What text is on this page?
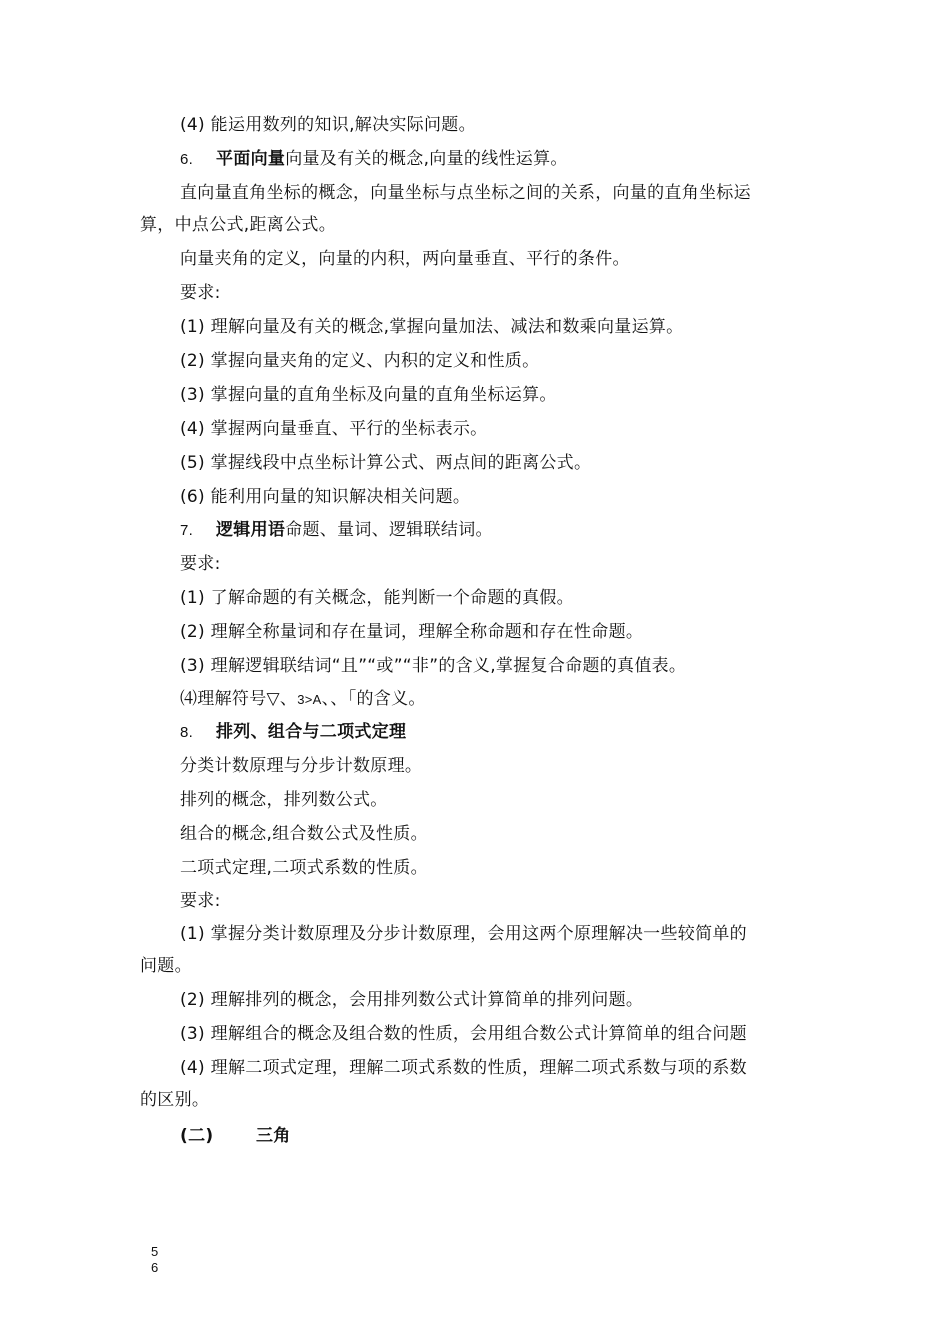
(4) 能运用数列的知识,解决实际问题。
6. 平面向量向量及有关的概念,向量的线性运算。
直向量直角坐标的概念，向量坐标与点坐标之间的关系，向量的直角坐标运
算，中点公式,距离公式。
向量夹角的定义，向量的内积，两向量垂直、平行的条件。
要求:
(1) 理解向量及有关的概念,掌握向量加法、减法和数乘向量运算。
(2) 掌握向量夹角的定义、内积的定义和性质。
(3) 掌握向量的直角坐标及向量的直角坐标运算。
(4) 掌握两向量垂直、平行的坐标表示。
(5) 掌握线段中点坐标计算公式、两点间的距离公式。
(6) 能利用向量的知识解决相关问题。
7. 逻辑用语命题、量词、逻辑联结词。
要求:
(1) 了解命题的有关概念，能判断一个命题的真假。
(2) 理解全称量词和存在量词，理解全称命题和存在性命题。
(3) 理解逻辑联结词“且”“或”“非”的含义,掌握复合命题的真值表。
⑷理解符号▽、3>A、、「的含义。
8. 排列、组合与二项式定理
分类计数原理与分步计数原理。
排列的概念，排列数公式。
组合的概念,组合数公式及性质。
二项式定理,二项式系数的性质。
要求:
(1) 掌握分类计数原理及分步计数原理，会用这两个原理解决一些较简单的
问题。
(2) 理解排列的概念，会用排列数公式计算简单的排列问题。
(3) 理解组合的概念及组合数的性质，会用组合数公式计算简单的组合问题
(4) 理解二项式定理，理解二项式系数的性质，理解二项式系数与项的系数
的区别。
(二)	三角
5
6
